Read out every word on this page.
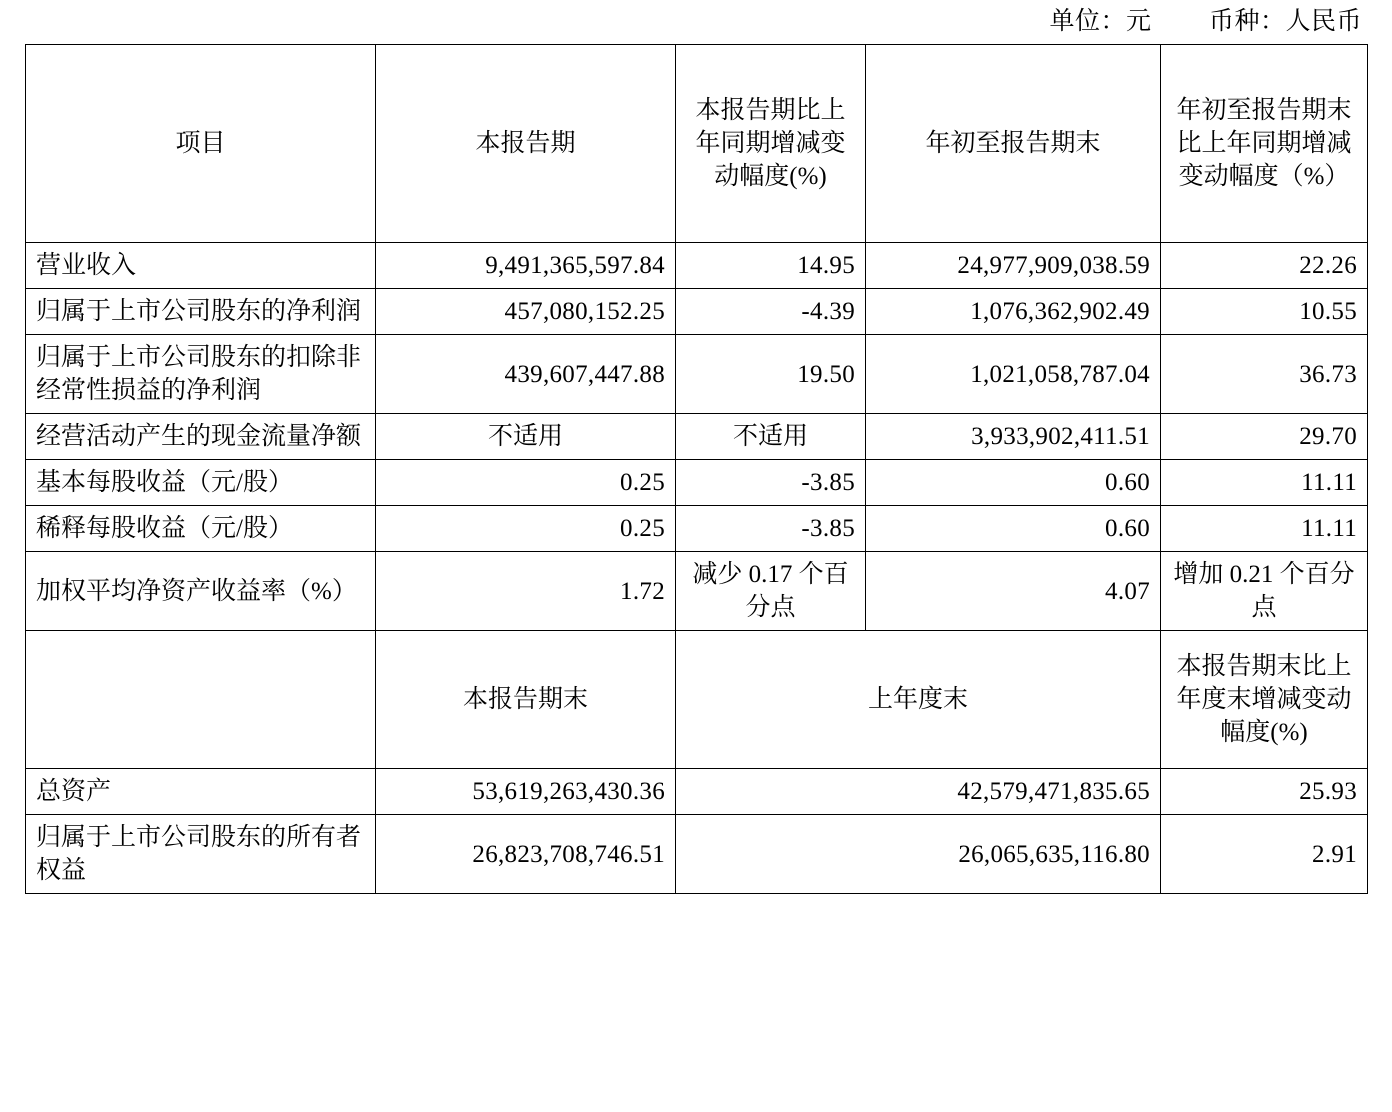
单位：元 币种：人民币
项目	本报告期	本报告期比上年同期增减变动幅度(%)	年初至报告期末	年初至报告期末比上年同期增减变动幅度（%）
营业收入	9,491,365,597.84	14.95	24,977,909,038.59	22.26
归属于上市公司股东的净利润	457,080,152.25	-4.39	1,076,362,902.49	10.55
归属于上市公司股东的扣除非经常性损益的净利润	439,607,447.88	19.50	1,021,058,787.04	36.73
经营活动产生的现金流量净额	不适用	不适用	3,933,902,411.51	29.70
基本每股收益（元/股）	0.25	-3.85	0.60	11.11
稀释每股收益（元/股）	0.25	-3.85	0.60	11.11
加权平均净资产收益率（%）	1.72	减少 0.17 个百分点	4.07	增加 0.21 个百分点
	本报告期末	上年度末		本报告期末比上年度末增减变动幅度(%)
总资产	53,619,263,430.36	42,579,471,835.65		25.93
归属于上市公司股东的所有者权益	26,823,708,746.51	26,065,635,116.80		2.91
